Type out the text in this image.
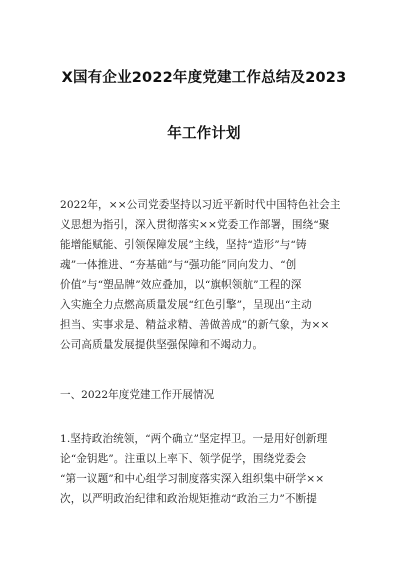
X国有企业2022年度党建工作总结及2023
年工作计划
2022年，××公司党委坚持以习近平新时代中国特色社会主
义思想为指引，深入贯彻落实××党委工作部署，围绕“聚
能增能赋能、引领保障发展”主线，坚持“造形”与“铸
魂”一体推进、“夯基础”与“强功能”同向发力、“创
价值”与“塑品牌”效应叠加，以“旗帜领航”工程的深
入实施全力点燃高质量发展“红色引擎”，呈现出“主动
担当、实事求是、精益求精、善做善成”的新气象，为××
公司高质量发展提供坚强保障和不竭动力。
一、2022年度党建工作开展情况
1.坚持政治统领，“两个确立”坚定捍卫。一是用好创新理
论“金钥匙”。注重以上率下、领学促学，围绕党委会
“第一议题”和中心组学习制度落实深入组织集中研学××
次，以严明政治纪律和政治规矩推动“政治三力”不断提
